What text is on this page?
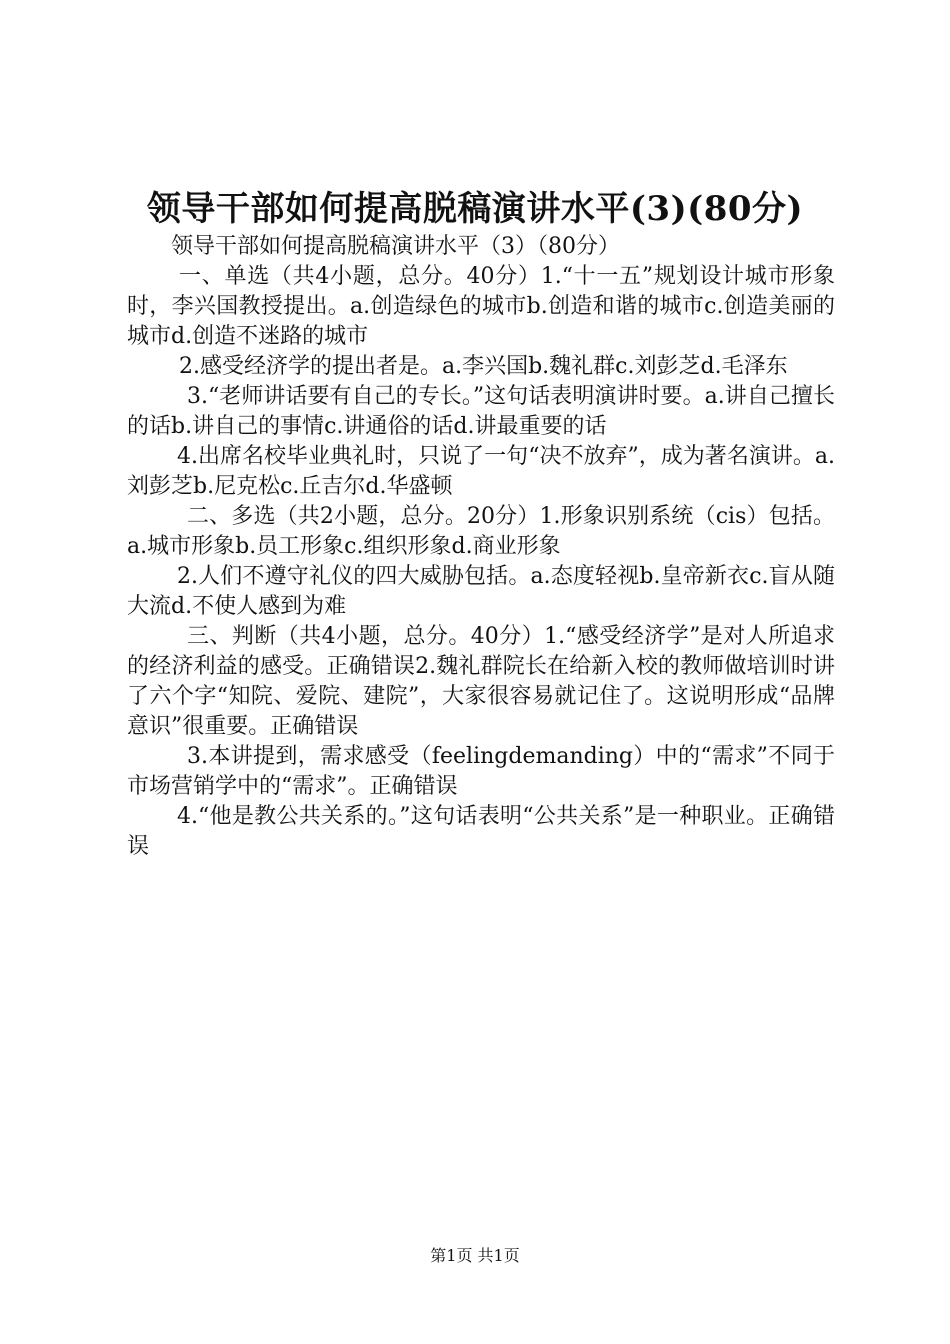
领导干部如何提高脱稿演讲水平(3)(80分)

领导干部如何提高脱稿演讲水平（3）（80分）

一、单选（共4小题，总分。40分）1.“十一五”规划设计城市形象时，李兴国教授提出。a.创造绿色的城市b.创造和谐的城市c.创造美丽的城市d.创造不迷路的城市

2.感受经济学的提出者是。a.李兴国b.魏礼群c.刘彭芝d.毛泽东

3.“老师讲话要有自己的专长。”这句话表明演讲时要。a.讲自己擅长的话b.讲自己的事情c.讲通俗的话d.讲最重要的话

4.出席名校毕业典礼时，只说了一句“决不放弃”，成为著名演讲。a.刘彭芝b.尼克松c.丘吉尔d.华盛顿

二、多选（共2小题，总分。20分）1.形象识别系统（cis）包括。a.城市形象b.员工形象c.组织形象d.商业形象

2.人们不遵守礼仪的四大威胁包括。a.态度轻视b.皇帝新衣c.盲从随大流d.不使人感到为难

三、判断（共4小题，总分。40分）1.“感受经济学”是对人所追求的经济利益的感受。正确错误2.魏礼群院长在给新入校的教师做培训时讲了六个字“知院、爱院、建院”，大家很容易就记住了。这说明形成“品牌意识”很重要。正确错误

3.本讲提到，需求感受（feelingdemanding）中的“需求”不同于市场营销学中的“需求”。正确错误

4.“他是教公共关系的。”这句话表明“公共关系”是一种职业。正确错误

第1页 共1页
